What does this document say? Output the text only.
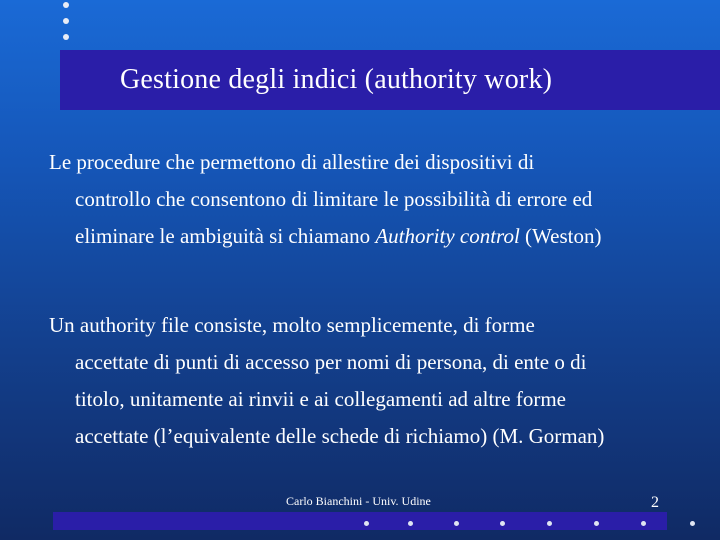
Gestione degli indici (authority work)
Le procedure che permettono di allestire dei dispositivi di
controllo che consentono di limitare le possibilità di errore ed
eliminare le ambiguità si chiamano Authority control (Weston)
Un authority file consiste, molto semplicemente, di forme
accettate di punti di accesso per nomi di persona, di ente o di
titolo, unitamente ai rinvii e ai collegamenti ad altre forme
accettate (l’equivalente delle schede di richiamo) (M. Gorman)
Carlo Bianchini - Univ. Udine	2
